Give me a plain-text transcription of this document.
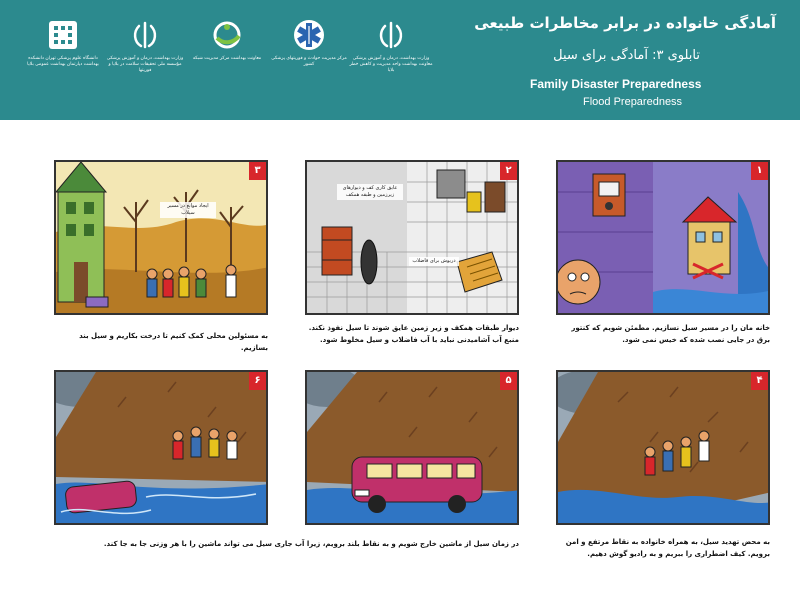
دانشگاه علوم پزشکی تهران دانشکده بهداشت دپارتمان بهداشت عمومی بلایا
وزارت بهداشت، درمان و آموزش پزشکی مؤسسه ملی تحقیقات سلامت در بلایا و فوریتها
معاونت بهداشت مرکز مدیریت شبکه	مرکز مدیریت حوادث و فوریتهای پزشکی کشور
وزارت بهداشت، درمان و آموزش پزشکی معاونت بهداشت واحد مدیریت و کاهش خطر بلایا
آمادگی خانواده در برابر مخاطرات طبیعی
تابلوی ۳: آمادگی برای سیل
Family Disaster Preparedness
Flood Preparedness
۱
عایق کاری کف و دیوارهای زیرزمین و طبقه همکف
دریوش برای فاضلاب
۲
ایجاد موانع در مسیر سیلاب
۳
۴
۵
۶
خانه مان را در مسیر سیل نسازیم. مطمئن شویم که کنتور برق در جایی نصب شده که خیس نمی شود.
دیوار طبقات همکف و زیر زمین عایق شوند تا سیل نفوذ نکند. منبع آب آشامیدنی نباید با آب فاضلاب و سیل مخلوط شود.
به مسئولین محلی کمک کنیم تا درخت بکاریم و سیل بند بسازیم.
به محض تهدید سیل، به همراه خانواده به نقاط مرتفع و امن برویم. کیف اضطراری را ببریم و به رادیو گوش دهیم.
در زمان سیل از ماشین خارج شویم و به نقاط بلند برویم، زیرا آب جاری سیل می تواند ماشین را با هر وزنی جا به جا کند.
